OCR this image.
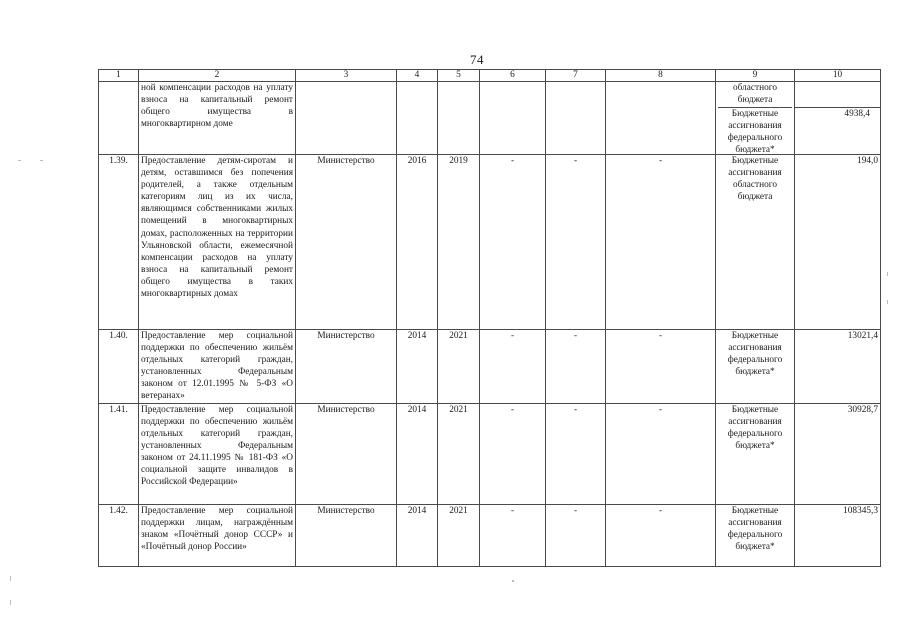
74
1	2	3	4	5	6	7	8	9	10
	ной компенсации расходов на уплату взноса на капитальный ремонт общего имущества в многоквартирном доме							областного бюджета
Бюджетные ассигнования федерального бюджета*	4938,4

1.39.	Предоставление детям-сиротам и детям, оставшимся без попечения родителей, а также отдельным категориям лиц из их числа, являющимся собственниками жилых помещений в многоквартирных домах, расположенных на территории Ульяновской области, ежемесячной компенсации расходов на уплату взноса на капитальный ремонт общего имущества в таких многоквартирных домах	Министерство	2016	2019	-	-	-	Бюджетные ассигнования областного бюджета	194,0
1.40.	Предоставление мер социальной поддержки по обеспечению жильём отдельных категорий граждан, установленных Федеральным законом от 12.01.1995 № 5-ФЗ «О ветеранах»	Министерство	2014	2021	-	-	-	Бюджетные ассигнования федерального бюджета*	13021,4
1.41.	Предоставление мер социальной поддержки по обеспечению жильём отдельных категорий граждан, установленных Федеральным законом от 24.11.1995 № 181-ФЗ «О социальной защите инвалидов в Российской Федерации»	Министерство	2014	2021	-	-	-	Бюджетные ассигнования федерального бюджета*	30928,7
1.42.	Предоставление мер социальной поддержки лицам, награждённым знаком «Почётный донор СССР» и «Почётный донор России»	Министерство	2014	2021	-	-	-	Бюджетные ассигнования федерального бюджета*	108345,3
